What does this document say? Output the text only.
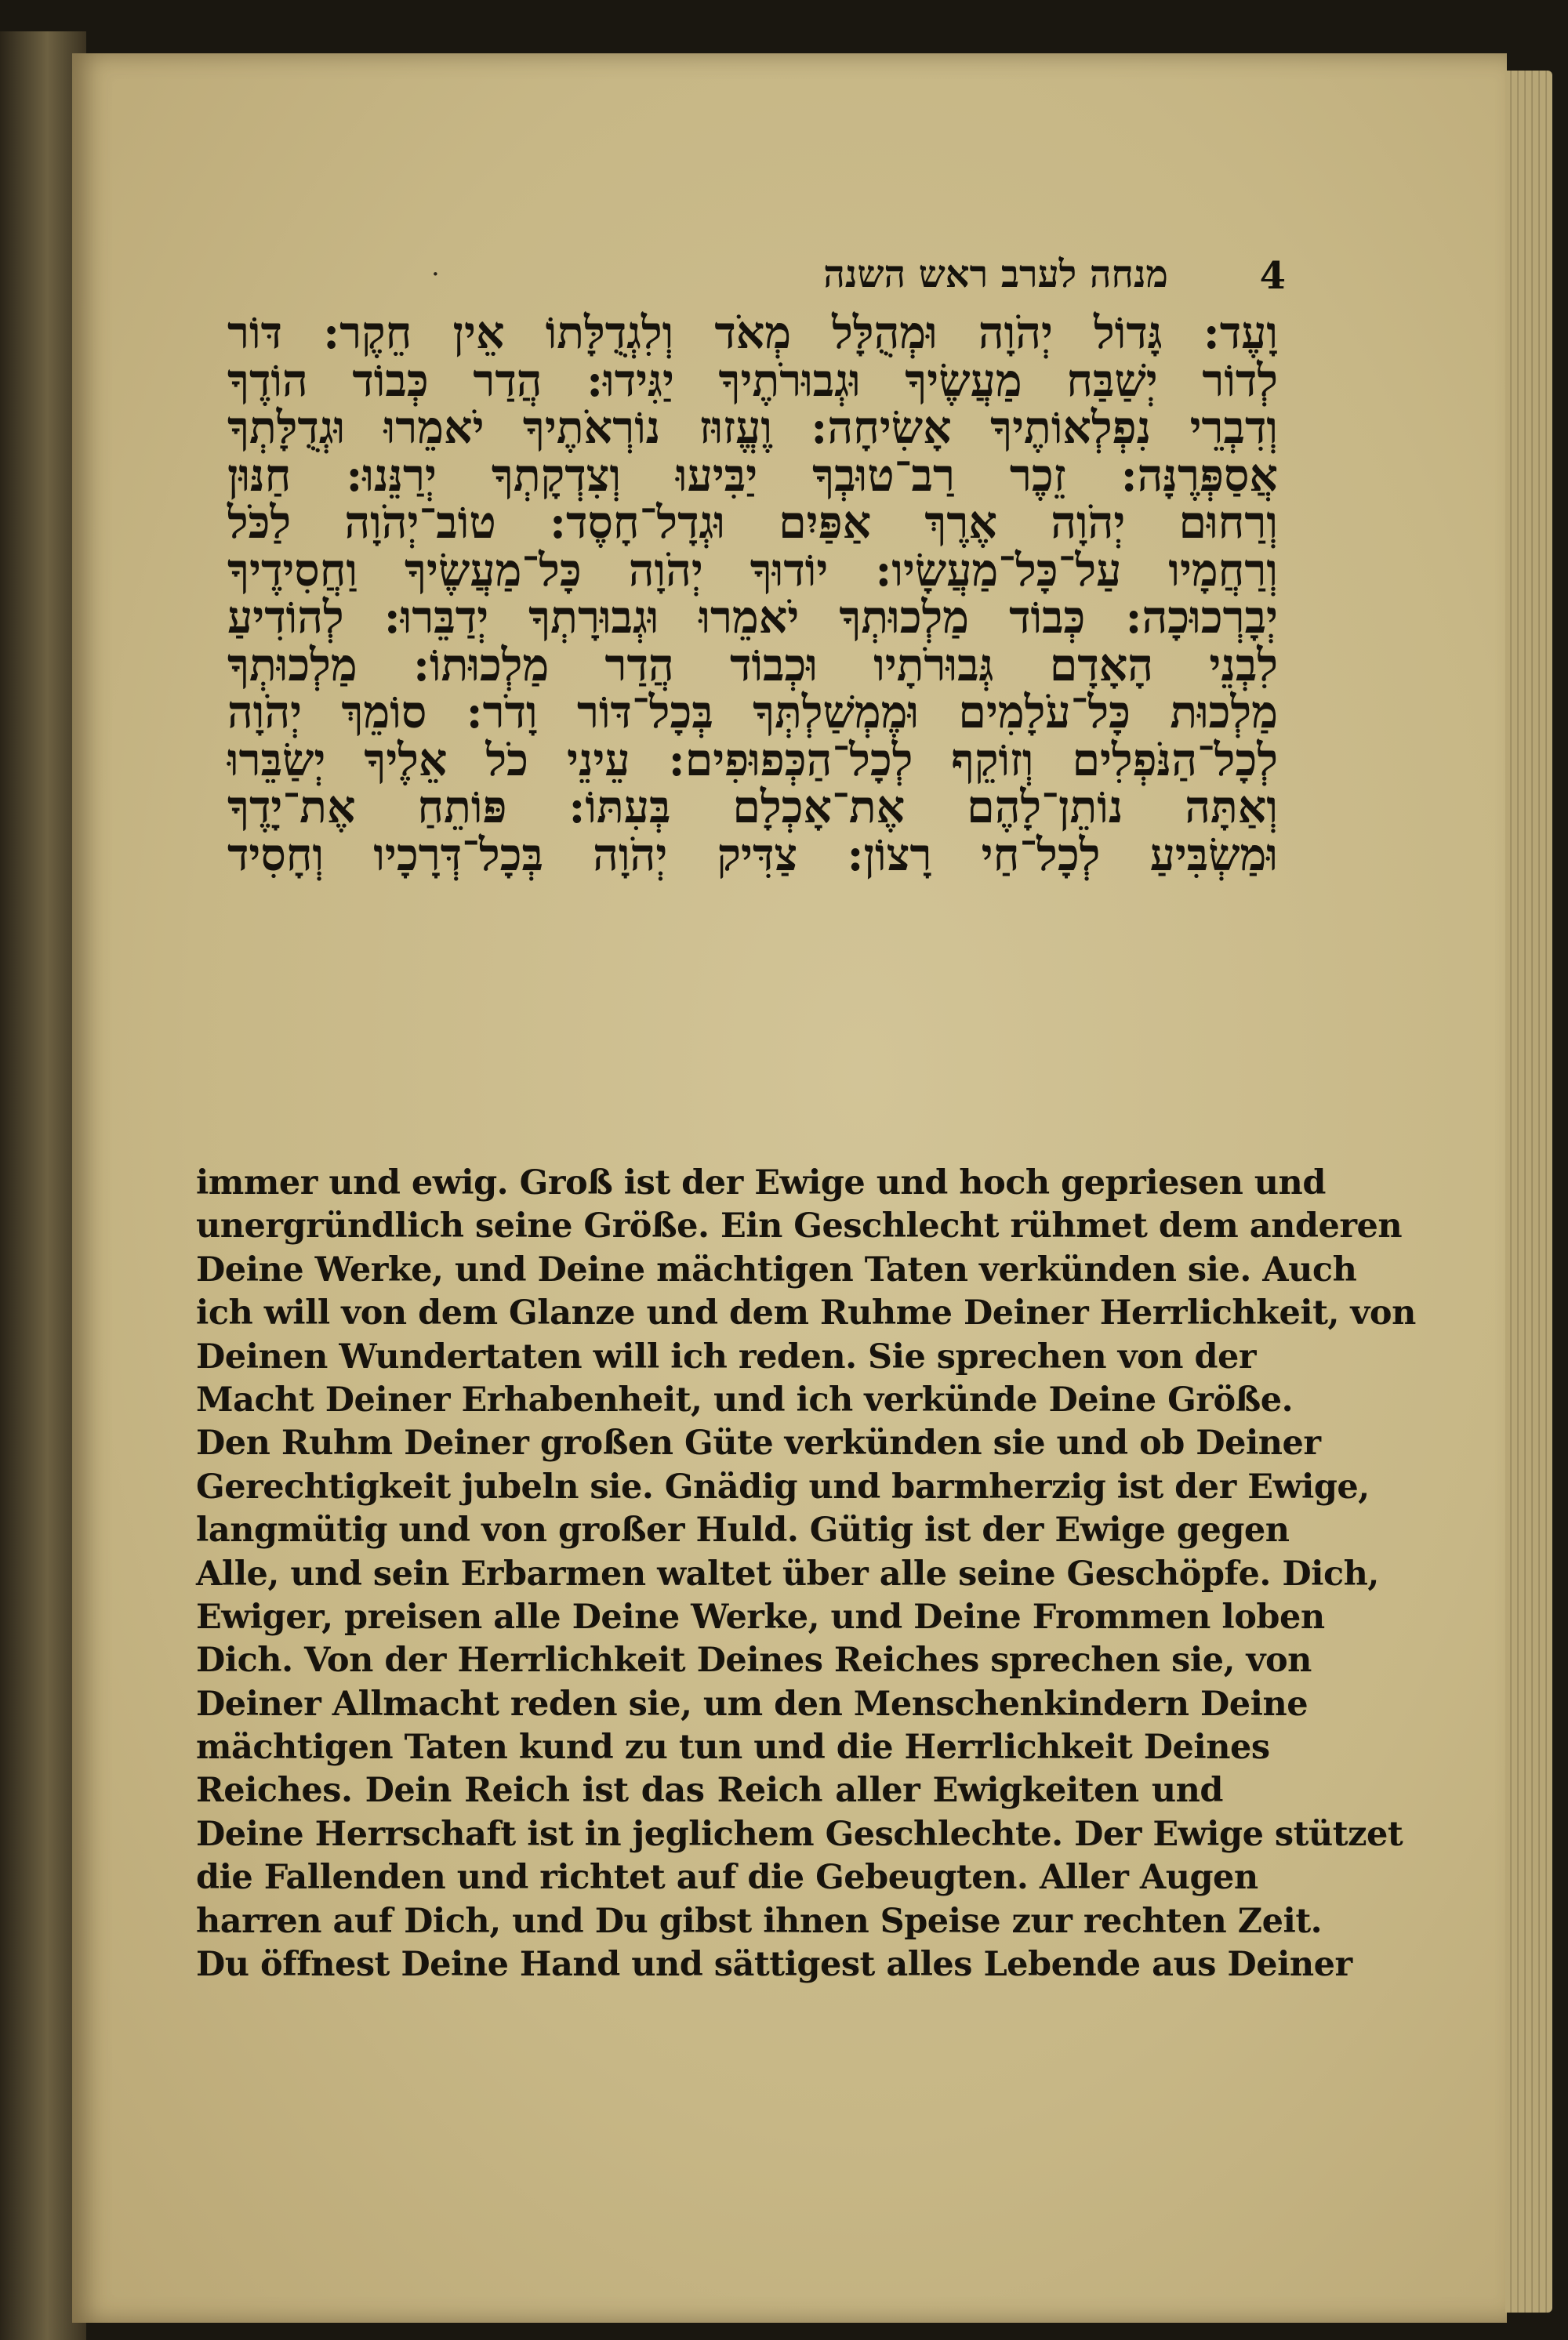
·	מנחה לערב ראש השנה 4
וָעֶד: גָּדוֹל יְהֹוָה וּמְהֻלָּל מְאֹד וְלִגְדֻלָּתוֹ אֵין חֵקֶר: דּוֹר
לְדוֹר יְשַׁבַּח מַעֲשֶׂיךָ וּגְבוּרֹתֶיךָ יַגִּידוּ: הֲדַר כְּבוֹד הוֹדֶךָ
וְדִבְרֵי נִפְלְאוֹתֶיךָ אָשִׂיחָה: וֶעֱזוּז נוֹרְאֹתֶיךָ יֹאמֵרוּ וּגְדֻלָּתְךָ
אֲסַפְּרֶנָּה: זֵכֶר רַב־טוּבְךָ יַבִּיעוּ וְצִדְקָתְךָ יְרַנֵּנוּ: חַנּוּן
וְרַחוּם יְהֹוָה אֶרֶךְ אַפַּיִם וּגְדָל־חָסֶד: טוֹב־יְהֹוָה לַכֹּל
וְרַחֲמָיו עַל־כָּל־מַעֲשָׂיו: יוֹדוּךָ יְהֹוָה כָּל־מַעֲשֶׂיךָ וַחֲסִידֶיךָ
יְבָרְכוּכָה: כְּבוֹד מַלְכוּתְךָ יֹאמֵרוּ וּגְבוּרָתְךָ יְדַבֵּרוּ: לְהוֹדִיעַ
לִבְנֵי הָאָדָם גְּבוּרֹתָיו וּכְבוֹד הֲדַר מַלְכוּתוֹ: מַלְכוּתְךָ
מַלְכוּת כָּל־עֹלָמִים וּמֶמְשַׁלְתְּךָ בְּכָל־דּוֹר וָדֹר: סוֹמֵךְ יְהֹוָה
לְכָל־הַנֹּפְלִים וְזוֹקֵף לְכָל־הַכְּפוּפִים: עֵינֵי כֹל אֵלֶיךָ יְשַׂבֵּרוּ
וְאַתָּה נוֹתֵן־לָהֶם אֶת־אָכְלָם בְּעִתּוֹ: פּוֹתֵחַ אֶת־יָדֶךָ
וּמַשְׂבִּיעַ לְכָל־חַי רָצוֹן: צַדִּיק יְהֹוָה בְּכָל־דְּרָכָיו וְחָסִיד
immer und ewig. Groß ist der Ewige und hoch gepriesen und
unergründlich seine Größe. Ein Geschlecht rühmet dem anderen
Deine Werke, und Deine mächtigen Taten verkünden sie. Auch
ich will von dem Glanze und dem Ruhme Deiner Herrlichkeit, von
Deinen Wundertaten will ich reden. Sie sprechen von der
Macht Deiner Erhabenheit, und ich verkünde Deine Größe.
Den Ruhm Deiner großen Güte verkünden sie und ob Deiner
Gerechtigkeit jubeln sie. Gnädig und barmherzig ist der Ewige,
langmütig und von großer Huld. Gütig ist der Ewige gegen
Alle, und sein Erbarmen waltet über alle seine Geschöpfe. Dich,
Ewiger, preisen alle Deine Werke, und Deine Frommen loben
Dich. Von der Herrlichkeit Deines Reiches sprechen sie, von
Deiner Allmacht reden sie, um den Menschenkindern Deine
mächtigen Taten kund zu tun und die Herrlichkeit Deines
Reiches. Dein Reich ist das Reich aller Ewigkeiten und
Deine Herrschaft ist in jeglichem Geschlechte. Der Ewige stützet
die Fallenden und richtet auf die Gebeugten. Aller Augen
harren auf Dich, und Du gibst ihnen Speise zur rechten Zeit.
Du öffnest Deine Hand und sättigest alles Lebende aus Deiner
